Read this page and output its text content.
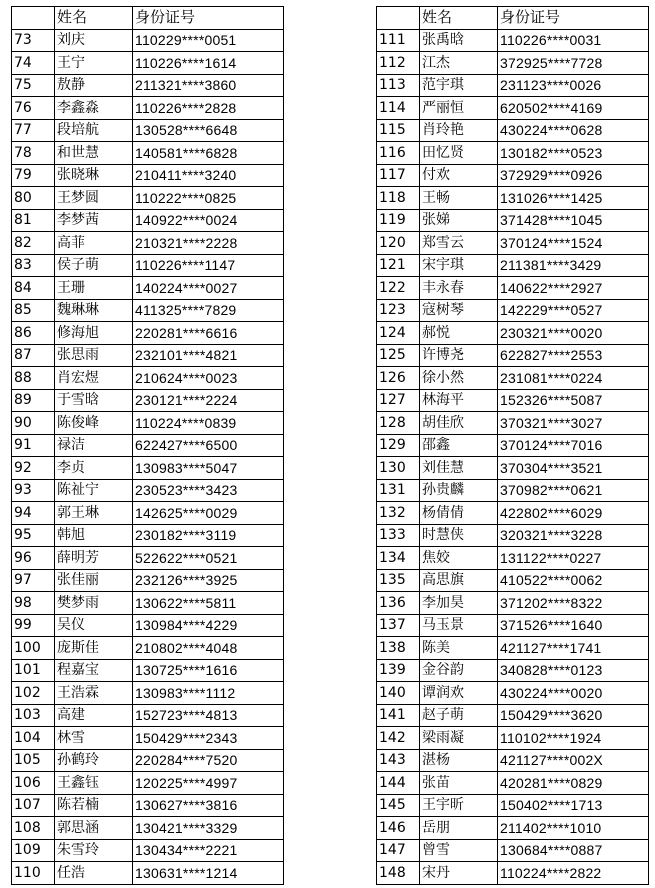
	姓名	身份证号
73	刘庆	110229****0051
74	王宁	110226****1614
75	敖静	211321****3860
76	李鑫淼	110226****2828
77	段培航	130528****6648
78	和世慧	140581****6828
79	张晓琳	210411****3240
80	王梦圆	110222****0825
81	李梦茜	140922****0024
82	高菲	210321****2228
83	侯子萌	110226****1147
84	王珊	140224****0027
85	魏琳琳	411325****7829
86	修海旭	220281****6616
87	张思雨	232101****4821
88	肖宏煜	210624****0023
89	于雪晗	230121****2224
90	陈俊峰	110224****0839
91	禄洁	622427****6500
92	李贞	130983****5047
93	陈祉宁	230523****3423
94	郭王琳	142625****0029
95	韩旭	230182****3119
96	薛明芳	522622****0521
97	张佳丽	232126****3925
98	樊梦雨	130622****5811
99	吴仪	130984****4229
100	庞斯佳	210802****4048
101	程嘉宝	130725****1616
102	王浩霖	130983****1112
103	高建	152723****4813
104	林雪	150429****2343
105	孙鹤玲	220284****7520
106	王鑫钰	120225****4997
107	陈若楠	130627****3816
108	郭思涵	130421****3329
109	朱雪玲	130434****2221
110	任浩	130631****1214
	姓名	身份证号
111	张禹晗	110226****0031
112	江杰	372925****7728
113	范宇琪	231123****0026
114	严丽恒	620502****4169
115	肖玲艳	430224****0628
116	田忆贤	130182****0523
117	付欢	372929****0926
118	王畅	131026****1425
119	张娣	371428****1045
120	郑雪云	370124****1524
121	宋宇琪	211381****3429
122	丰永春	140622****2927
123	寇树琴	142229****0527
124	郝悦	230321****0020
125	许博尧	622827****2553
126	徐小然	231081****0224
127	林海平	152326****5087
128	胡佳欣	370321****3027
129	邵鑫	370124****7016
130	刘佳慧	370304****3521
131	孙贵麟	370982****0621
132	杨倩倩	422802****6029
133	时慧侠	320321****3228
134	焦姣	131122****0227
135	高思旗	410522****0062
136	李加昊	371202****8322
137	马玉景	371526****1640
138	陈美	421127****1741
139	金谷韵	340828****0123
140	谭润欢	430224****0020
141	赵子萌	150429****3620
142	梁雨凝	110102****1924
143	湛杨	421127****002X
144	张苗	420281****0829
145	王宇昕	150402****1713
146	岳朋	211402****1010
147	曾雪	130684****0887
148	宋丹	110224****2822
